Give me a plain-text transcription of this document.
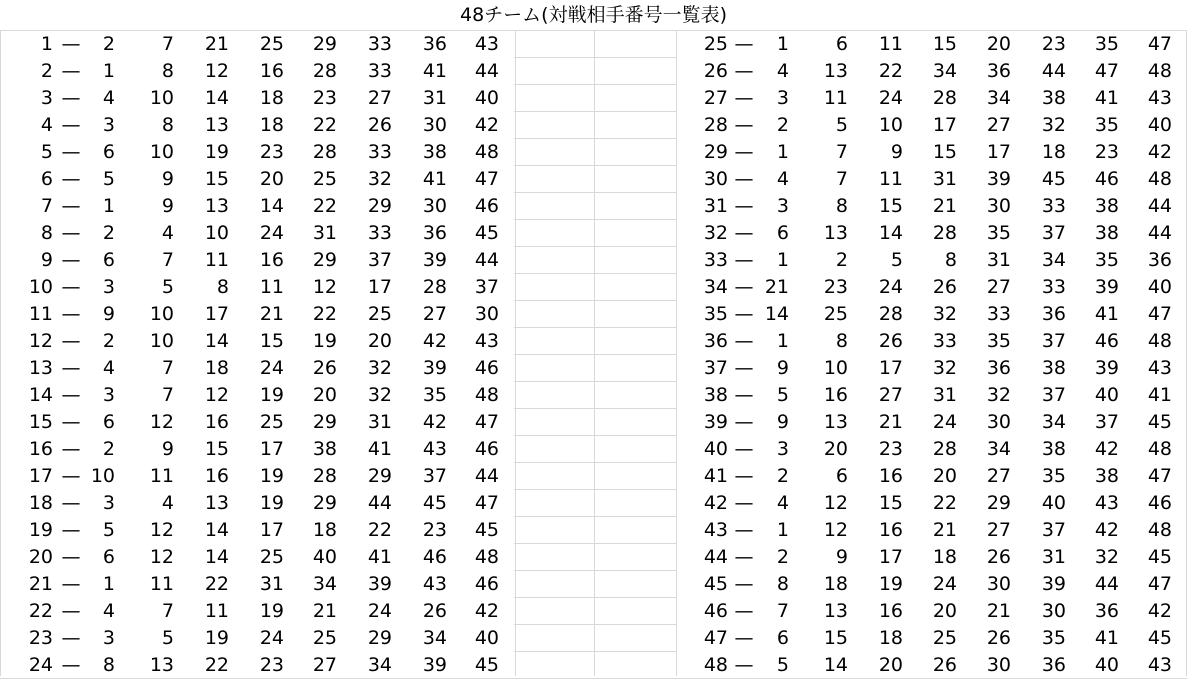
48チーム(対戦相手番号一覧表)
1 —	2	7	21	25	29	33	36	43
2 —	1	8	12	16	28	33	41	44
3 —	4	10	14	18	23	27	31	40
4 —	3	8	13	18	22	26	30	42
5 —	6	10	19	23	28	33	38	48
6 —	5	9	15	20	25	32	41	47
7 —	1	9	13	14	22	29	30	46
8 —	2	4	10	24	31	33	36	45
9 —	6	7	11	16	29	37	39	44
10 —	3	5	8	11	12	17	28	37
11 —	9	10	17	21	22	25	27	30
12 —	2	10	14	15	19	20	42	43
13 —	4	7	18	24	26	32	39	46
14 —	3	7	12	19	20	32	35	48
15 —	6	12	16	25	29	31	42	47
16 —	2	9	15	17	38	41	43	46
17 — 10	11	16	19	28	29	37	44
18 —	3	4	13	19	29	44	45	47
19 —	5	12	14	17	18	22	23	45
20 —	6	12	14	25	40	41	46	48
21 —	1	11	22	31	34	39	43	46
22 —	4	7	11	19	21	24	26	42
23 —	3	5	19	24	25	29	34	40
24 —	8	13	22	23	27	34	39	45
25 —	1	6	11	15	20	23	35	47
26 —	4	13	22	34	36	44	47	48
27 —	3	11	24	28	34	38	41	43
28 —	2	5	10	17	27	32	35	40
29 —	1	7	9	15	17	18	23	42
30 —	4	7	11	31	39	45	46	48
31 —	3	8	15	21	30	33	38	44
32 —	6	13	14	28	35	37	38	44
33 —	1	2	5	8	31	34	35	36
34 — 21	23	24	26	27	33	39	40
35 — 14	25	28	32	33	36	41	47
36 —	1	8	26	33	35	37	46	48
37 —	9	10	17	32	36	38	39	43
38 —	5	16	27	31	32	37	40	41
39 —	9	13	21	24	30	34	37	45
40 —	3	20	23	28	34	38	42	48
41 —	2	6	16	20	27	35	38	47
42 —	4	12	15	22	29	40	43	46
43 —	1	12	16	21	27	37	42	48
44 —	2	9	17	18	26	31	32	45
45 —	8	18	19	24	30	39	44	47
46 —	7	13	16	20	21	30	36	42
47 —	6	15	18	25	26	35	41	45
48 —	5	14	20	26	30	36	40	43
